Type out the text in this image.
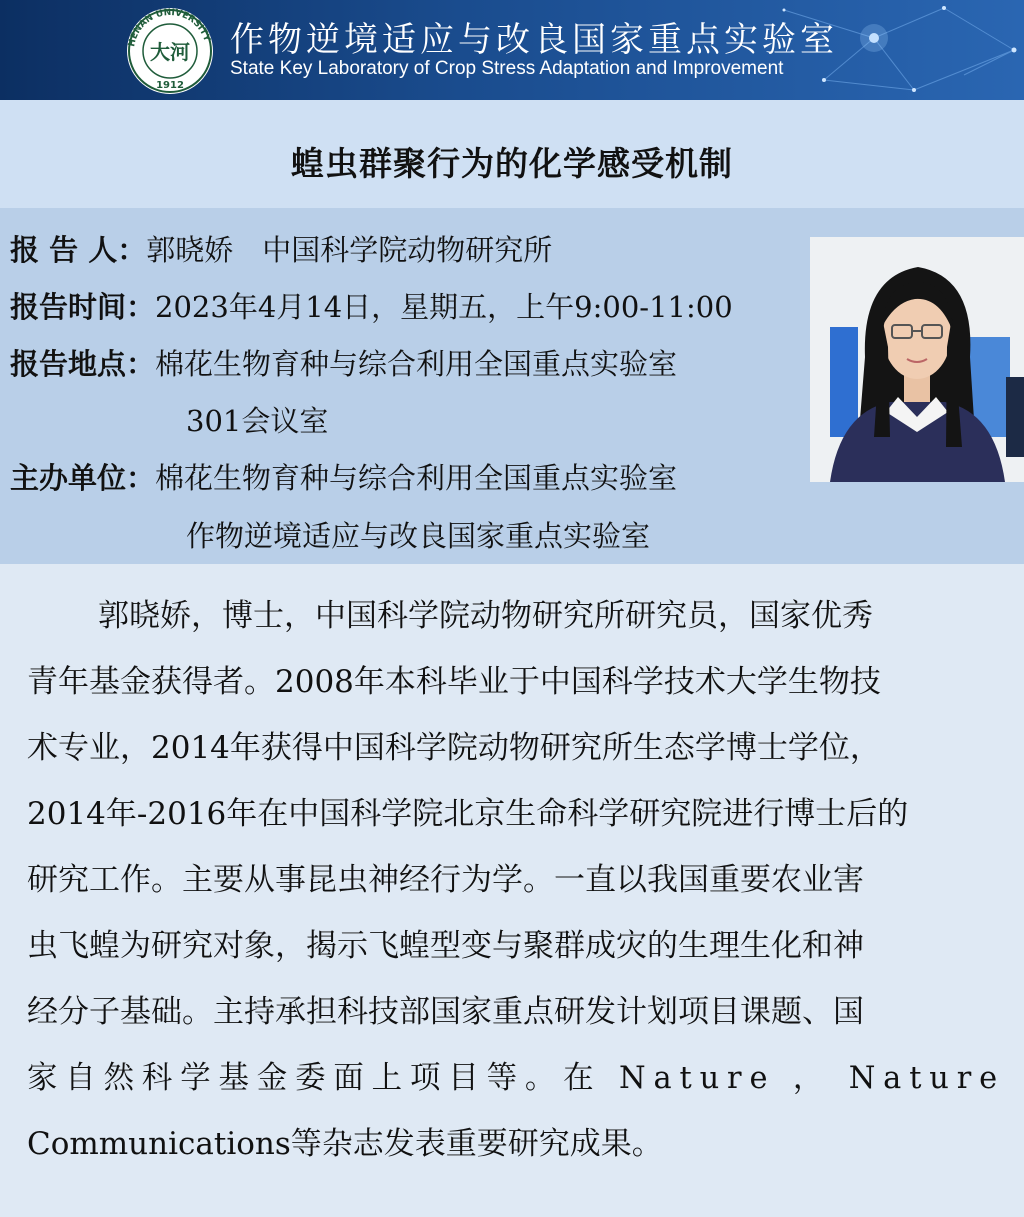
HENAN UNIVERSITY
大河
1912
作物逆境适应与改良国家重点实验室
State Key Laboratory of Crop Stress Adaptation and Improvement
蝗虫群聚行为的化学感受机制
报 告 人：郭晓娇　中国科学院动物研究所
报告时间：2023年4月14日，星期五，上午9:00-11:00
报告地点：棉花生物育种与综合利用全国重点实验室
301会议室
主办单位：棉花生物育种与综合利用全国重点实验室
作物逆境适应与改良国家重点实验室
郭晓娇，博士，中国科学院动物研究所研究员，国家优秀
青年基金获得者。2008年本科毕业于中国科学技术大学生物技
术专业，2014年获得中国科学院动物研究所生态学博士学位，
2014年-2016年在中国科学院北京生命科学研究院进行博士后的
研究工作。主要从事昆虫神经行为学。一直以我国重要农业害
虫飞蝗为研究对象，揭示飞蝗型变与聚群成灾的生理生化和神
经分子基础。主持承担科技部国家重点研发计划项目课题、国
家自然科学基金委面上项目等。在 Nature ， Nature
Communications等杂志发表重要研究成果。
